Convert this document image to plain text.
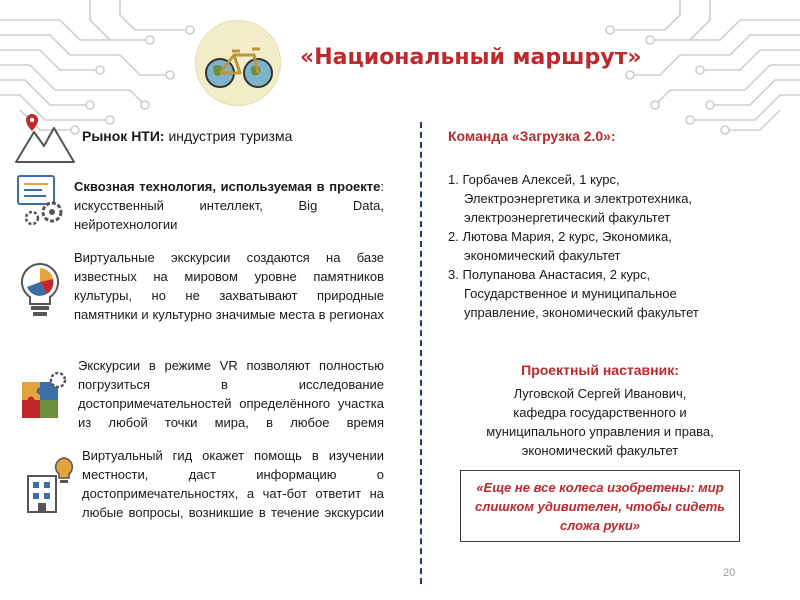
«Национальный маршрут»
Рынок НТИ: индустрия туризма
Сквозная технология, используемая в проекте: искусственный интеллект, Big Data, нейротехнологии
Виртуальные экскурсии создаются на базе известных на мировом уровне памятников культуры, но не захватывают природные памятники и культурно значимые места в регионах
Экскурсии в режиме VR позволяют полностью погрузиться в исследование достопримечательностей определённого участка из любой точки мира, в любое время
Виртуальный гид окажет помощь в изучении местности, даст информацию о достопримечательностях, а чат-бот ответит на любые вопросы, возникшие в течение экскурсии
Команда «Загрузка 2.0»:
1. Горбачев Алексей, 1 курс,
Электроэнергетика и электротехника,
электроэнергетический факультет
2. Лютова Мария, 2 курс, Экономика,
экономический факультет
3. Полупанова Анастасия, 2 курс,
Государственное и муниципальное
управление, экономический факультет
Проектный наставник:
Луговской Сергей Иванович,
кафедра государственного и
муниципального управления и права,
экономический факультет
«Еще не все колеса изобретены: мир слишком удивителен, чтобы сидеть сложа руки»
20
